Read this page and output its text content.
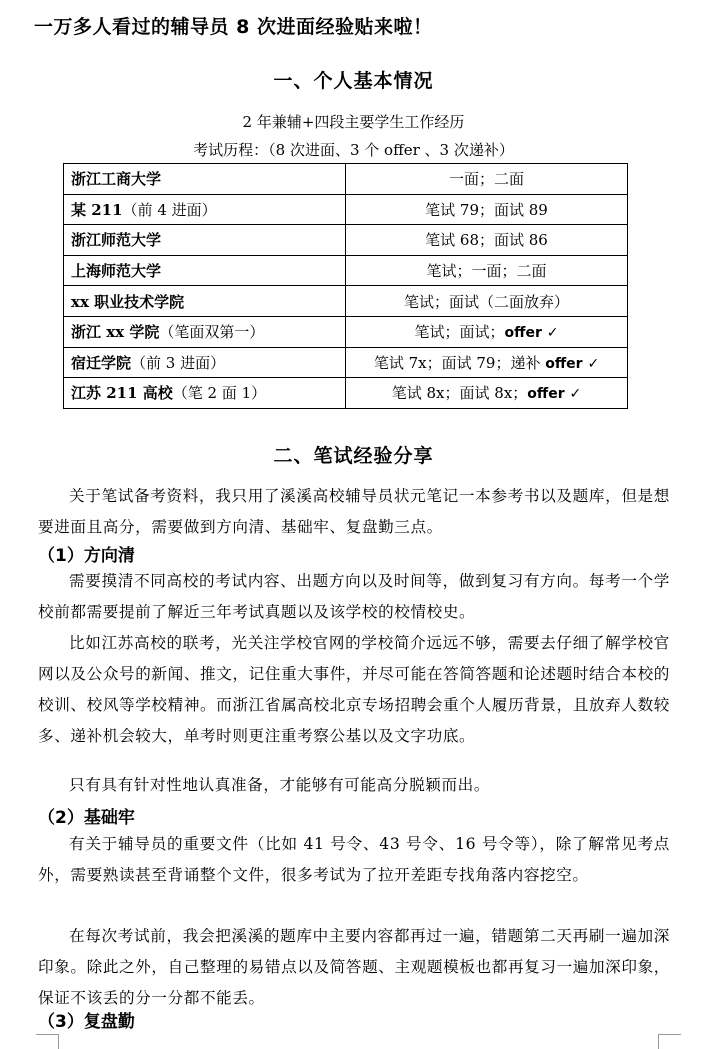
一万多人看过的辅导员 8 次进面经验贴来啦！
一、个人基本情况
2 年兼辅+四段主要学生工作经历
考试历程：（8 次进面、3 个 offer 、3 次递补）
浙江工商大学	一面；二面
某 211（前 4 进面）	笔试 79；面试 89
浙江师范大学	笔试 68；面试 86
上海师范大学	笔试；一面；二面
xx 职业技术学院	笔试；面试（二面放弃）
浙江 xx 学院（笔面双第一）	笔试；面试；offer ✓
宿迁学院（前 3 进面）	笔试 7x；面试 79；递补 offer ✓
江苏 211 高校（笔 2 面 1）	笔试 8x；面试 8x；offer ✓
二、笔试经验分享

关于笔试备考资料，我只用了溪溪高校辅导员状元笔记一本参考书以及题库，但是想要进面且高分，需要做到方向清、基础牢、复盘勤三点。

（1）方向清

需要摸清不同高校的考试内容、出题方向以及时间等，做到复习有方向。每考一个学校前都需要提前了解近三年考试真题以及该学校的校情校史。

比如江苏高校的联考，光关注学校官网的学校简介远远不够，需要去仔细了解学校官网以及公众号的新闻、推文，记住重大事件，并尽可能在答简答题和论述题时结合本校的校训、校风等学校精神。而浙江省属高校北京专场招聘会重个人履历背景，且放弃人数较多、递补机会较大，单考时则更注重考察公基以及文字功底。

只有具有针对性地认真准备，才能够有可能高分脱颖而出。

（2）基础牢

有关于辅导员的重要文件（比如 41 号令、43 号令、16 号令等），除了解常见考点外，需要熟读甚至背诵整个文件，很多考试为了拉开差距专找角落内容挖空。

在每次考试前，我会把溪溪的题库中主要内容都再过一遍，错题第二天再刷一遍加深印象。除此之外，自己整理的易错点以及简答题、主观题模板也都再复习一遍加深印象，保证不该丢的分一分都不能丢。

（3）复盘勤
